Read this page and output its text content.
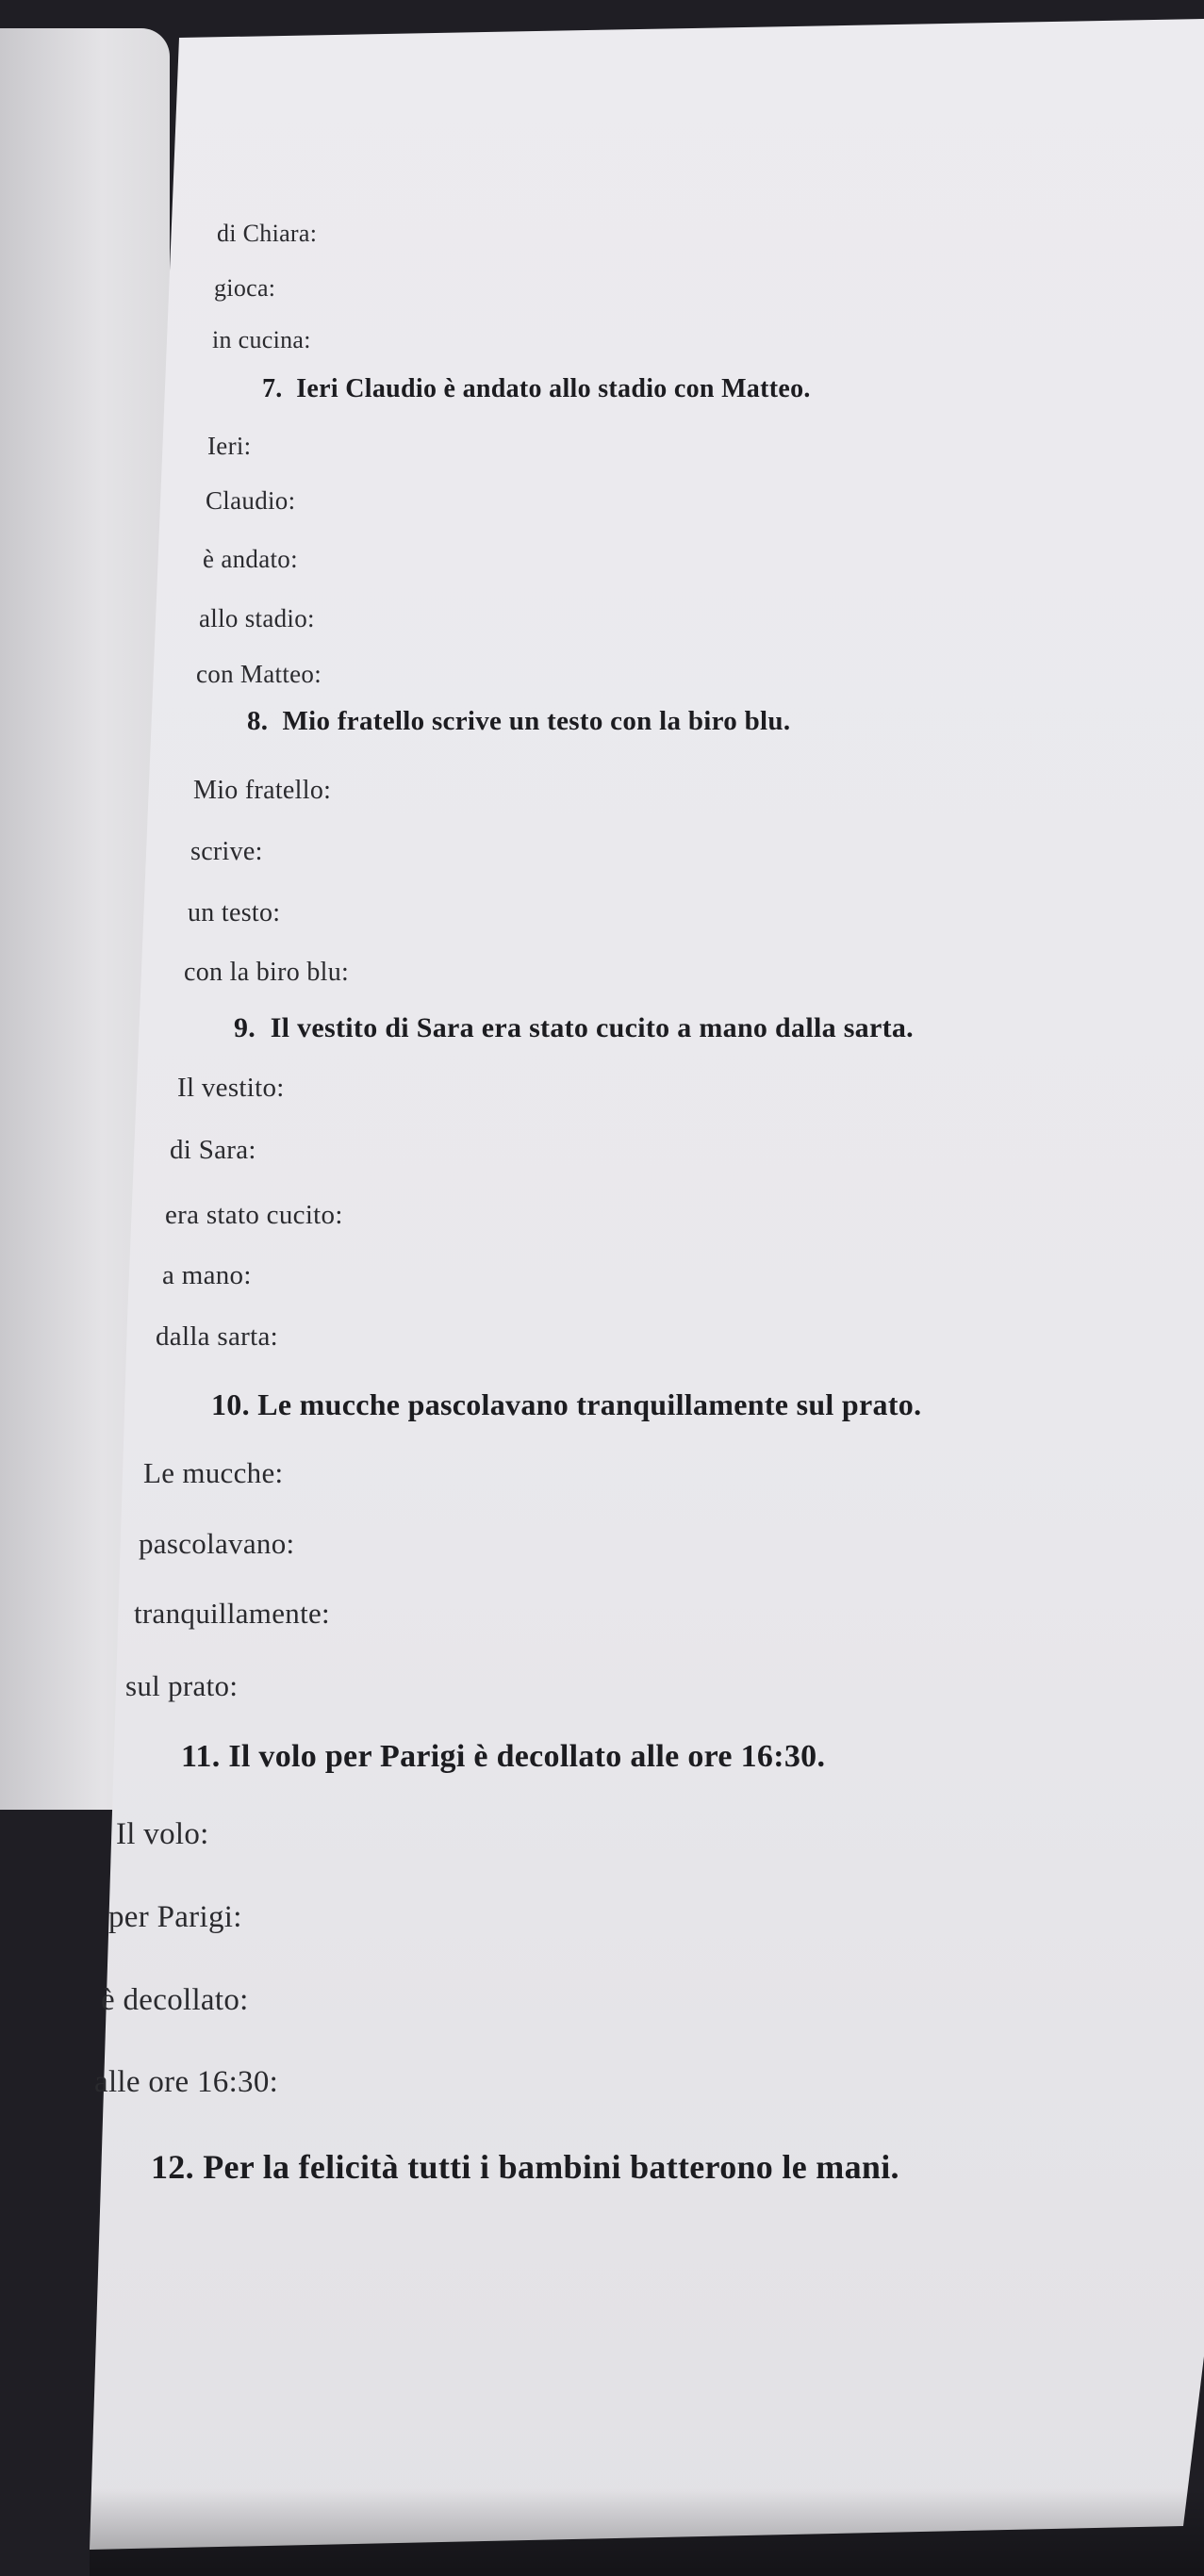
di Chiara:
gioca:
in cucina:
7.  Ieri Claudio è andato allo stadio con Matteo.
Ieri:
Claudio:
è andato:
allo stadio:
con Matteo:
8.  Mio fratello scrive un testo con la biro blu.
Mio fratello:
scrive:
un testo:
con la biro blu:
9.  Il vestito di Sara era stato cucito a mano dalla sarta.
Il vestito:
di Sara:
era stato cucito:
a mano:
dalla sarta:
10. Le mucche pascolavano tranquillamente sul prato.
Le mucche:
pascolavano:
tranquillamente:
sul prato:
11. Il volo per Parigi è decollato alle ore 16:30.
Il volo:
per Parigi:
è decollato:
alle ore 16:30:
12. Per la felicità tutti i bambini batterono le mani.
